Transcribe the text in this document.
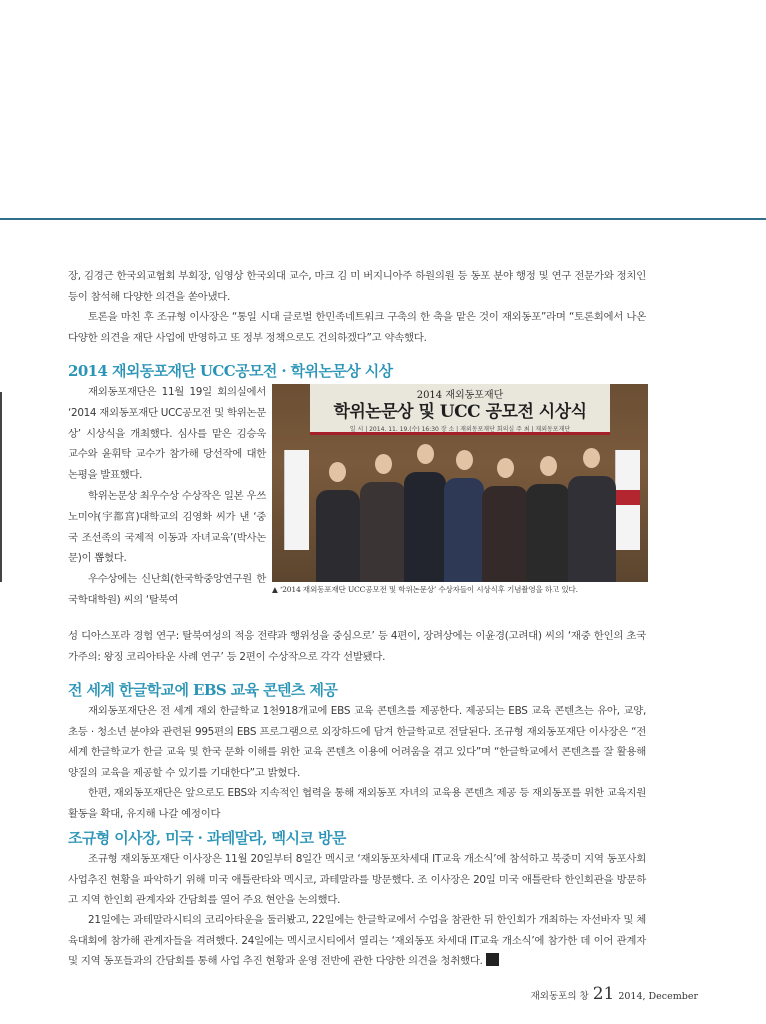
장, 김경근 한국외교협회 부회장, 임영상 한국외대 교수, 마크 김 미 버지니아주 하원의원 등 동포 분야 행정 및 연구 전문가와 정치인 등이 참석해 다양한 의견을 쏟아냈다.

토론을 마친 후 조규형 이사장은 “통일 시대 글로벌 한민족네트워크 구축의 한 축을 맡은 것이 재외동포”라며 “토론회에서 나온 다양한 의견을 재단 사업에 반영하고 또 정부 정책으로도 건의하겠다”고 약속했다.

2014 재외동포재단 UCC공모전 · 학위논문상 시상

재외동포재단은 11월 19일 회의실에서 ‘2014 재외동포재단 UCC공모전 및 학위논문상’ 시상식을 개최했다. 심사를 맡은 김승욱 교수와 윤휘탁 교수가 참가해 당선작에 대한 논평을 발표했다.

학위논문상 최우수상 수상작은 일본 우쓰노미야(宇都宮)대학교의 김영화 씨가 낸 ‘중국 조선족의 국제적 이동과 자녀교육’(박사논문)이 뽑혔다.

우수상에는 신난희(한국학중앙연구원 한국학대학원) 씨의 ‘탈북여

2014 재외동포재단
학위논문상 및 UCC 공모전 시상식
일 시 | 2014. 11. 19.(수) 16:30 장 소 | 재외동포재단 회의실 주 최 | 재외동포재단
▲ ‘2014 재외동포재단 UCC공모전 및 학위논문상’ 수상자들이 시상식후 기념촬영을 하고 있다.

성 디아스포라 경험 연구: 탈북여성의 적응 전략과 행위성을 중심으로’ 등 4편이, 장려상에는 이윤경(고려대) 씨의 ‘재중 한인의 초국가주의: 왕징 코리아타운 사례 연구’ 등 2편이 수상작으로 각각 선발됐다.

전 세계 한글학교에 EBS 교육 콘텐츠 제공

재외동포재단은 전 세계 재외 한글학교 1천918개교에 EBS 교육 콘텐츠를 제공한다. 제공되는 EBS 교육 콘텐츠는 유아, 교양, 초등 · 청소년 분야와 관련된 995편의 EBS 프로그램으로 외장하드에 담겨 한글학교로 전달된다. 조규형 재외동포재단 이사장은 “전 세계 한글학교가 한글 교육 및 한국 문화 이해를 위한 교육 콘텐츠 이용에 어려움을 겪고 있다”며 “한글학교에서 콘텐츠를 잘 활용해 양질의 교육을 제공할 수 있기를 기대한다”고 밝혔다.

한편, 재외동포재단은 앞으로도 EBS와 지속적인 협력을 통해 재외동포 자녀의 교육용 콘텐츠 제공 등 재외동포를 위한 교육지원 활동을 확대, 유지해 나갈 예정이다

조규형 이사장, 미국 · 과테말라, 멕시코 방문

조규형 재외동포재단 이사장은 11월 20일부터 8일간 멕시코 ‘재외동포차세대 IT교육 개소식’에 참석하고 북중미 지역 동포사회 사업추진 현황을 파악하기 위해 미국 애틀란타와 멕시코, 과테말라를 방문했다. 조 이사장은 20일 미국 애틀란타 한인회관을 방문하고 지역 한인회 관계자와 간담회를 열어 주요 현안을 논의했다.

21일에는 과테말라시티의 코리아타운을 둘러봤고, 22일에는 한글학교에서 수업을 참관한 뒤 한인회가 개최하는 자선바자 및 체육대회에 참가해 관계자들을 격려했다. 24일에는 멕시코시티에서 열리는 ‘재외동포 차세대 IT교육 개소식’에 참가한 데 이어 관계자 및 지역 동포들과의 간담회를 통해 사업 추진 현황과 운영 전반에 관한 다양한 의견을 청취했다.

재외동포의 창 21 2014, December
